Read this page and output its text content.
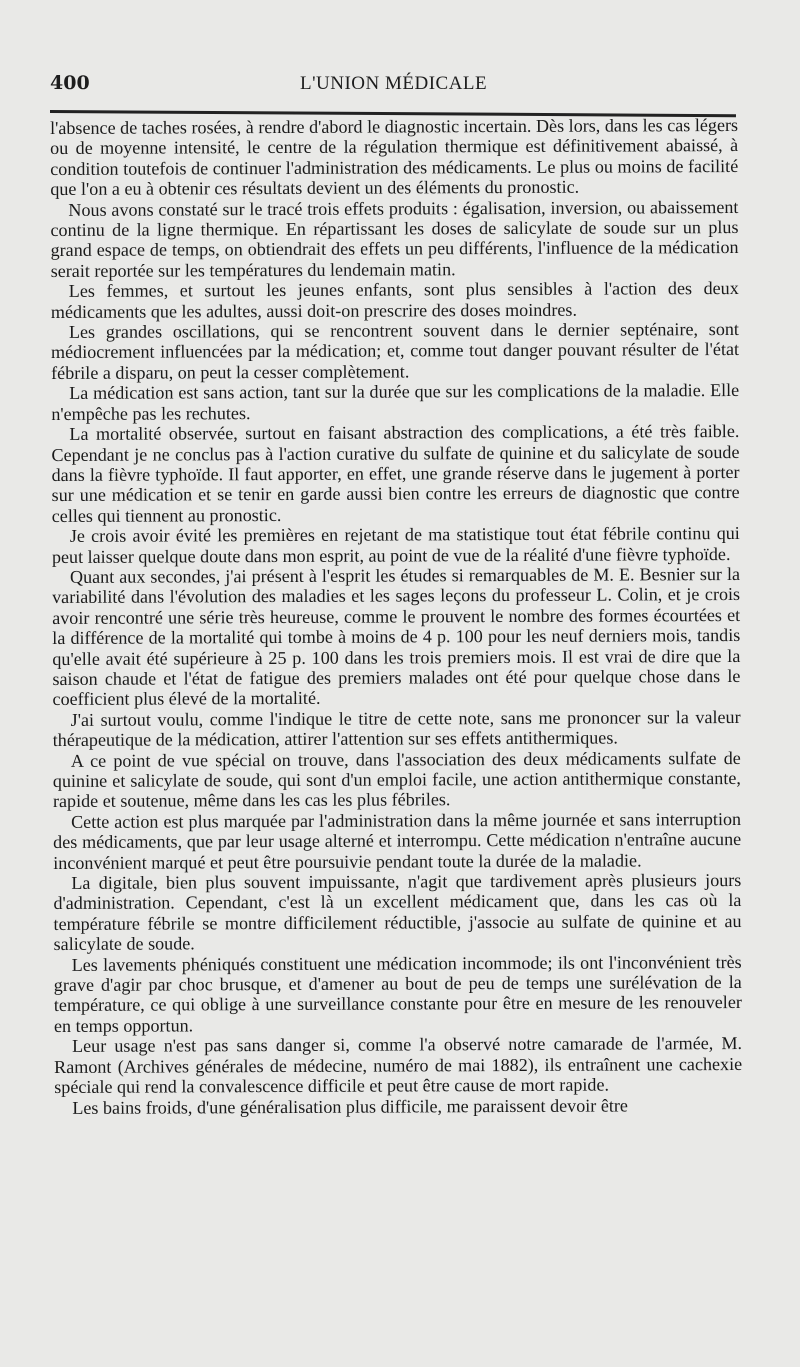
400	L'UNION MÉDICALE

l'absence de taches rosées, à rendre d'abord le diagnostic incertain. Dès lors, dans les cas légers ou de moyenne intensité, le centre de la régulation thermique est définitivement abaissé, à condition toutefois de continuer l'administration des médicaments. Le plus ou moins de facilité que l'on a eu à obtenir ces résultats devient un des éléments du pronostic.

Nous avons constaté sur le tracé trois effets produits : égalisation, inversion, ou abaissement continu de la ligne thermique. En répartissant les doses de salicylate de soude sur un plus grand espace de temps, on obtiendrait des effets un peu différents, l'influence de la médication serait reportée sur les températures du lendemain matin.

Les femmes, et surtout les jeunes enfants, sont plus sensibles à l'action des deux médicaments que les adultes, aussi doit-on prescrire des doses moindres.

Les grandes oscillations, qui se rencontrent souvent dans le dernier septénaire, sont médiocrement influencées par la médication; et, comme tout danger pouvant résulter de l'état fébrile a disparu, on peut la cesser complètement.

La médication est sans action, tant sur la durée que sur les complications de la maladie. Elle n'empêche pas les rechutes.

La mortalité observée, surtout en faisant abstraction des complications, a été très faible. Cependant je ne conclus pas à l'action curative du sulfate de quinine et du salicylate de soude dans la fièvre typhoïde. Il faut apporter, en effet, une grande réserve dans le jugement à porter sur une médication et se tenir en garde aussi bien contre les erreurs de diagnostic que contre celles qui tiennent au pronostic.

Je crois avoir évité les premières en rejetant de ma statistique tout état fébrile continu qui peut laisser quelque doute dans mon esprit, au point de vue de la réalité d'une fièvre typhoïde.

Quant aux secondes, j'ai présent à l'esprit les études si remarquables de M. E. Besnier sur la variabilité dans l'évolution des maladies et les sages leçons du professeur L. Colin, et je crois avoir rencontré une série très heureuse, comme le prouvent le nombre des formes écourtées et la différence de la mortalité qui tombe à moins de 4 p. 100 pour les neuf derniers mois, tandis qu'elle avait été supérieure à 25 p. 100 dans les trois premiers mois. Il est vrai de dire que la saison chaude et l'état de fatigue des premiers malades ont été pour quelque chose dans le coefficient plus élevé de la mortalité.

J'ai surtout voulu, comme l'indique le titre de cette note, sans me prononcer sur la valeur thérapeutique de la médication, attirer l'attention sur ses effets antithermiques.

A ce point de vue spécial on trouve, dans l'association des deux médicaments sulfate de quinine et salicylate de soude, qui sont d'un emploi facile, une action antithermique constante, rapide et soutenue, même dans les cas les plus fébriles.

Cette action est plus marquée par l'administration dans la même journée et sans interruption des médicaments, que par leur usage alterné et interrompu. Cette médication n'entraîne aucune inconvénient marqué et peut être poursuivie pendant toute la durée de la maladie.

La digitale, bien plus souvent impuissante, n'agit que tardivement après plusieurs jours d'administration. Cependant, c'est là un excellent médicament que, dans les cas où la température fébrile se montre difficilement réductible, j'associe au sulfate de quinine et au salicylate de soude.

Les lavements phéniqués constituent une médication incommode; ils ont l'inconvénient très grave d'agir par choc brusque, et d'amener au bout de peu de temps une surélévation de la température, ce qui oblige à une surveillance constante pour être en mesure de les renouveler en temps opportun.

Leur usage n'est pas sans danger si, comme l'a observé notre camarade de l'armée, M. Ramont (Archives générales de médecine, numéro de mai 1882), ils entraînent une cachexie spéciale qui rend la convalescence difficile et peut être cause de mort rapide.

Les bains froids, d'une généralisation plus difficile, me paraissent devoir être
